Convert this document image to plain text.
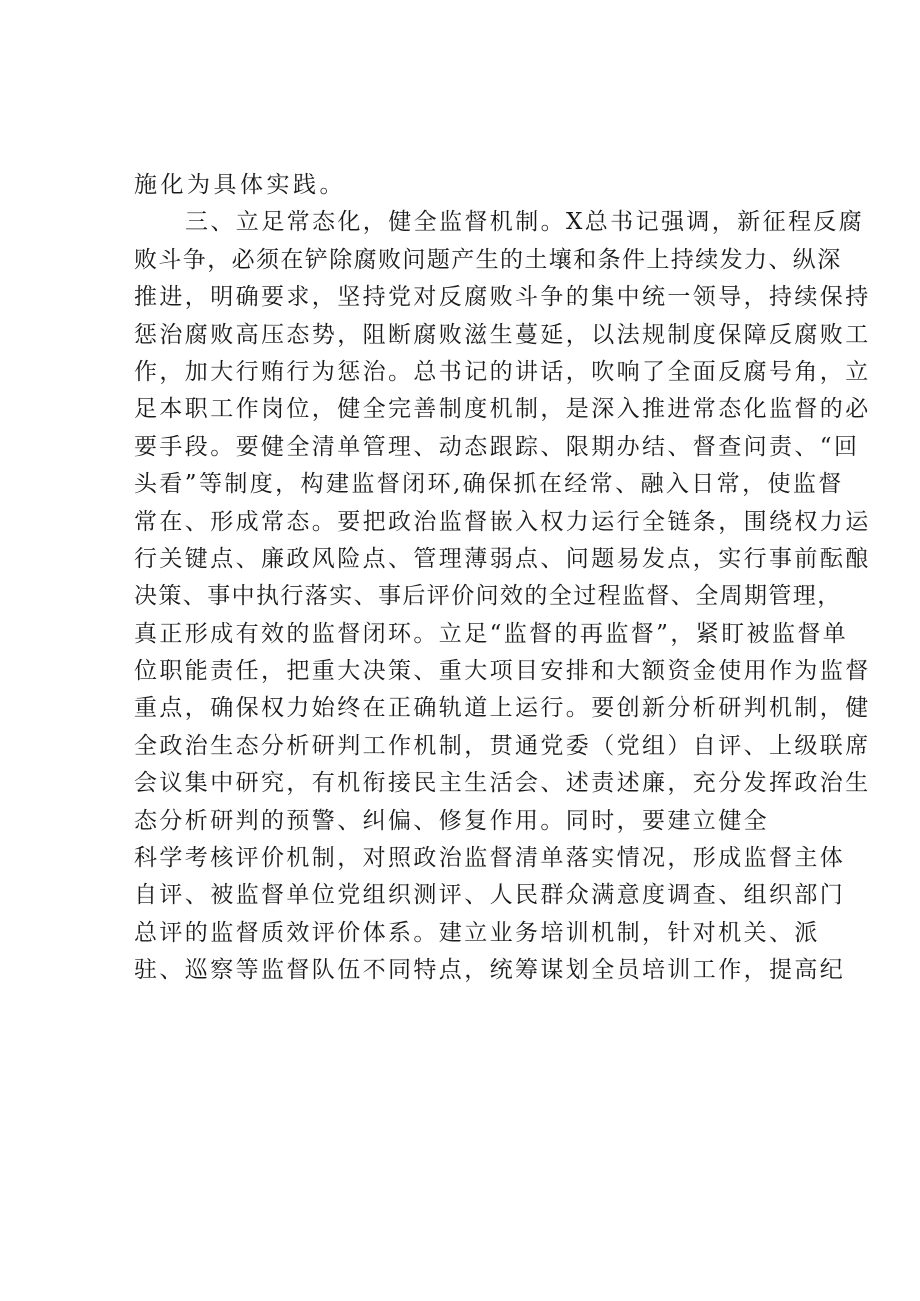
施化为具体实践。
三、立足常态化，健全监督机制。X总书记强调，新征程反腐
败斗争，必须在铲除腐败问题产生的土壤和条件上持续发力、纵深
推进，明确要求，坚持党对反腐败斗争的集中统一领导，持续保持
惩治腐败高压态势，阻断腐败滋生蔓延，以法规制度保障反腐败工
作，加大行贿行为惩治。总书记的讲话，吹响了全面反腐号角，立
足本职工作岗位，健全完善制度机制，是深入推进常态化监督的必
要手段。要健全清单管理、动态跟踪、限期办结、督查问责、“回
头看”等制度，构建监督闭环,确保抓在经常、融入日常，使监督
常在、形成常态。要把政治监督嵌入权力运行全链条，围绕权力运
行关键点、廉政风险点、管理薄弱点、问题易发点，实行事前酝酿
决策、事中执行落实、事后评价问效的全过程监督、全周期管理，
真正形成有效的监督闭环。立足“监督的再监督”，紧盯被监督单
位职能责任，把重大决策、重大项目安排和大额资金使用作为监督
重点，确保权力始终在正确轨道上运行。要创新分析研判机制，健
全政治生态分析研判工作机制，贯通党委（党组）自评、上级联席
会议集中研究，有机衔接民主生活会、述责述廉，充分发挥政治生
态分析研判的预警、纠偏、修复作用。同时，要建立健全
科学考核评价机制，对照政治监督清单落实情况，形成监督主体
自评、被监督单位党组织测评、人民群众满意度调查、组织部门
总评的监督质效评价体系。建立业务培训机制，针对机关、派
驻、巡察等监督队伍不同特点，统筹谋划全员培训工作，提高纪
